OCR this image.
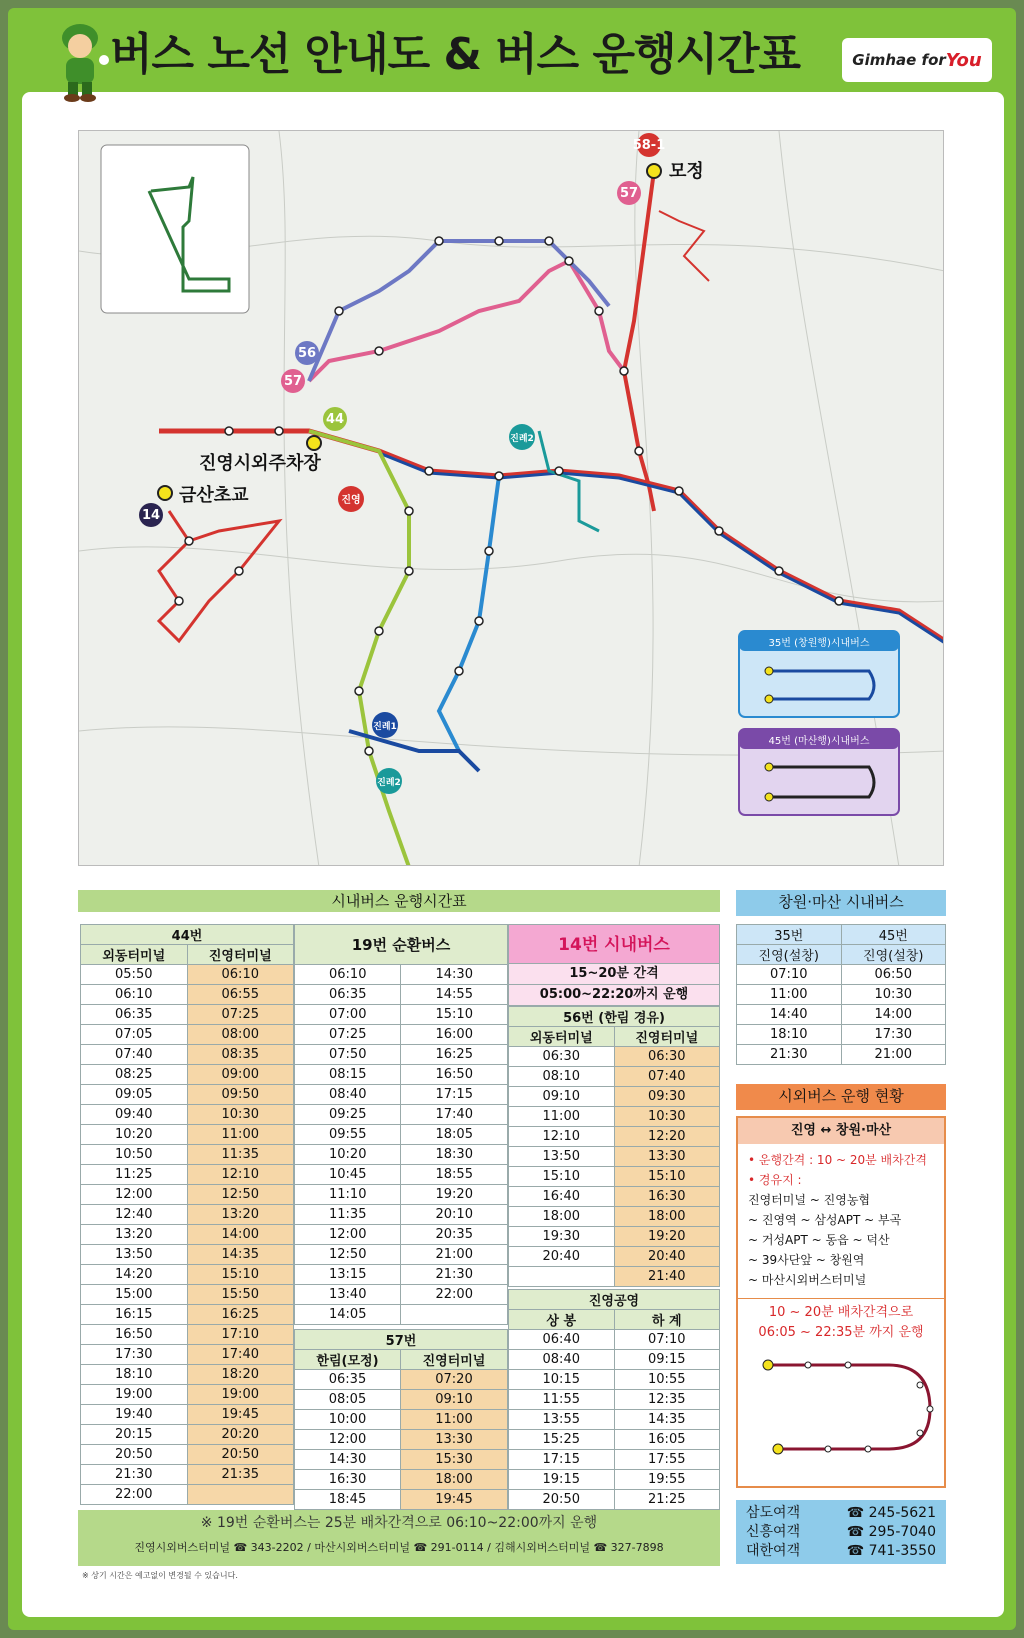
버스 노선 안내도 & 버스 운행시간표	Gimhae for You
모정
진영시외주차장
금산초교
58-1
57
56
57
44
14
진영
진례2
진례1
진례2
35번 (창원행)시내버스
45번 (마산행)시내버스
시내버스 운행시간표
44번	
외동터미널	진영터미널
05:50	06:10
06:10	06:55
06:35	07:25
07:05	08:00
07:40	08:35
08:25	09:00
09:05	09:50
09:40	10:30
10:20	11:00
10:50	11:35
11:25	12:10
12:00	12:50
12:40	13:20
13:20	14:00
13:50	14:35
14:20	15:10
15:00	15:50
16:15	16:25
16:50	17:10
17:30	17:40
18:10	18:20
19:00	19:00
19:40	19:45
20:15	20:20
20:50	20:50
21:30	21:35
22:00	
19번 순환버스	
06:10	14:30
06:35	14:55
07:00	15:10
07:25	16:00
07:50	16:25
08:15	16:50
08:40	17:15
09:25	17:40
09:55	18:05
10:20	18:30
10:45	18:55
11:10	19:20
11:35	20:10
12:00	20:35
12:50	21:00
13:15	21:30
13:40	22:00
14:05	
57번	
한림(모정)	진영터미널
06:35	07:20
08:05	09:10
10:00	11:00
12:00	13:30
14:30	15:30
16:30	18:00
18:45	19:45
14번 시내버스
15~20분 간격
05:00~22:20까지 운행
56번 (한림 경유)	
외동터미널	진영터미널
06:30	06:30
08:10	07:40
09:10	09:30
11:00	10:30
12:10	12:20
13:50	13:30
15:10	15:10
16:40	16:30
18:00	18:00
19:30	19:20
20:40	20:40
	21:40
진영공영	
상 봉	하 계
06:40	07:10
08:40	09:15
10:15	10:55
11:55	12:35
13:55	14:35
15:25	16:05
17:15	17:55
19:15	19:55
20:50	21:25
창원·마산 시내버스
35번	45번
진영(설창)	진영(설창)
07:10	06:50
11:00	10:30
14:40	14:00
18:10	17:30
21:30	21:00
시외버스 운행 현황
진영 ↔ 창원·마산
• 운행간격 : 10 ~ 20분 배차간격
• 경유지 :
진영터미널 ~ 진영농협
~ 진영역 ~ 삼성APT ~ 부곡
~ 거성APT ~ 동읍 ~ 덕산
~ 39사단앞 ~ 창원역
~ 마산시외버스터미널
10 ~ 20분 배차간격으로
06:05 ~ 22:35분 까지 운행
※ 19번 순환버스는 25분 배차간격으로 06:10~22:00까지 운행
진영시외버스터미널 ☎ 343-2202 / 마산시외버스터미널 ☎ 291-0114 / 김해시외버스터미널 ☎ 327-7898
※ 상기 시간은 예고없이 변경될 수 있습니다.
삼도여객	☎ 245-5621
신흥여객	☎ 295-7040
대한여객	☎ 741-3550
